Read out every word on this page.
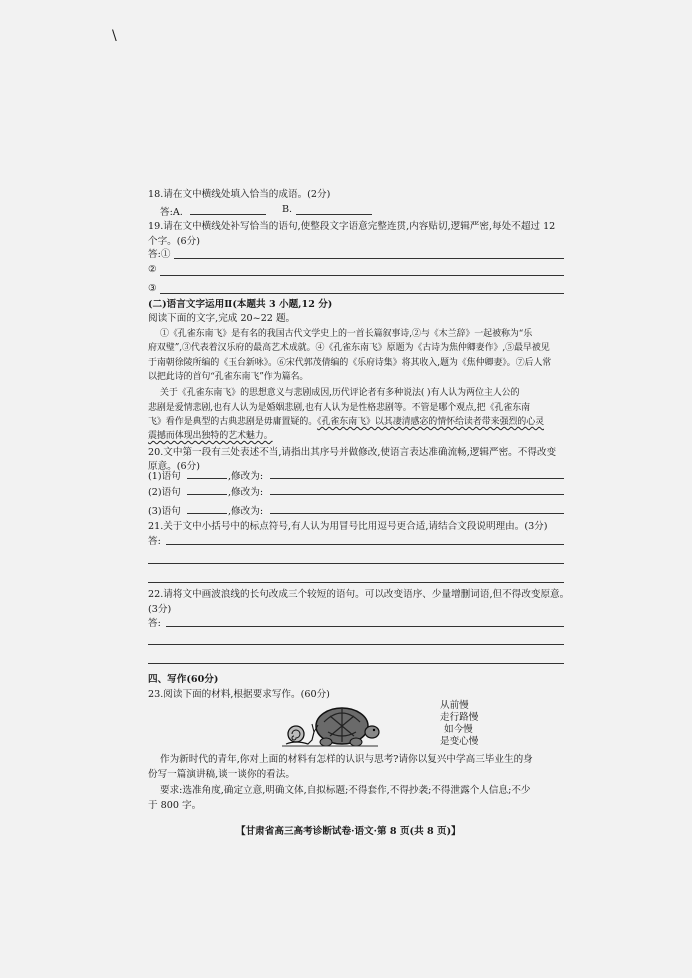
\
18.请在文中横线处填入恰当的成语。(2分)
答:A.	B.
19.请在文中横线处补写恰当的语句,使整段文字语意完整连贯,内容贴切,逻辑严密,每处不超过 12
个字。(6分)
答:①
②
③
(二)语言文字运用Ⅱ(本题共 3 小题,12 分)
阅读下面的文字,完成 20~22 题。
①《孔雀东南飞》是有名的我国古代文学史上的一首长篇叙事诗,②与《木兰辞》一起被称为“乐
府双璧”,③代表着汉乐府的最高艺术成就。④《孔雀东南飞》原题为《古诗为焦仲卿妻作》,⑤最早被见
于南朝徐陵所编的《玉台新咏》。⑥宋代郭茂倩编的《乐府诗集》将其收入,题为《焦仲卿妻》。⑦后人常
以把此诗的首句“孔雀东南飞”作为篇名。
关于《孔雀东南飞》的思想意义与悲剧成因,历代评论者有多种说法( )有人认为两位主人公的
悲剧是爱情悲剧,也有人认为是婚姻悲剧,也有人认为是性格悲剧等。不管是哪个观点,把《孔雀东南
飞》看作是典型的古典悲剧是毋庸置疑的。《孔雀东南飞》以其凄清感宓的情怀给读者带来强烈的心灵
震撼而体现出独特的艺术魅力。
20.文中第一段有三处表述不当,请指出其序号并做修改,使语言表达准确流畅,逻辑严密。不得改变
原意。(6分)
(1)语句	,修改为:
(2)语句	,修改为:
(3)语句	,修改为:
21.关于文中小括号中的标点符号,有人认为用冒号比用逗号更合适,请结合文段说明理由。(3分)
答:
22.请将文中画波浪线的长句改成三个较短的语句。可以改变语序、少量增删词语,但不得改变原意。
(3分)
答:
四、写作(60分)
23.阅读下面的材料,根据要求写作。(60分)
从前慢
走行路慢
如今慢
是变心慢
作为新时代的青年,你对上面的材料有怎样的认识与思考?请你以复兴中学高三毕业生的身
份写一篇演讲稿,谈一谈你的看法。
要求:选准角度,确定立意,明确文体,自拟标题;不得套作,不得抄袭;不得泄露个人信息;不少
于 800 字。
【甘肃省高三高考诊断试卷·语文·第 8 页(共 8 页)】
